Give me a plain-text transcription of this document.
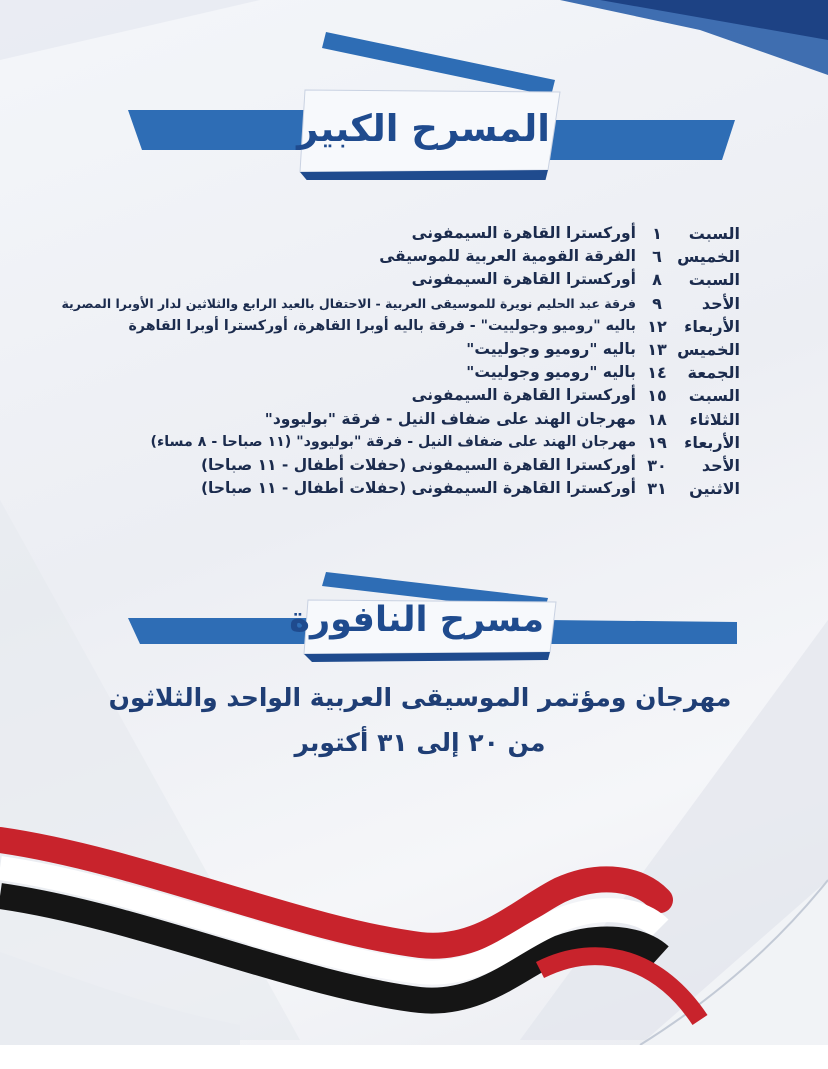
المسرح الكبير
السبت
١
أوركسترا القاهرة السيمفونى
الخميس
٦
الفرقة القومية العربية للموسيقى
السبت
٨
أوركسترا القاهرة السيمفونى
الأحد
٩
فرقة عبد الحليم نويرة للموسيقى العربية - الاحتفال بالعيد الرابع والثلاثين لدار الأوبرا المصرية
الأربعاء
١٢
باليه "روميو وجولييت" - فرقة باليه أوبرا القاهرة، أوركسترا أوبرا القاهرة
الخميس
١٣
باليه "روميو وجولييت"
الجمعة
١٤
باليه "روميو وجولييت"
السبت
١٥
أوركسترا القاهرة السيمفونى
الثلاثاء
١٨
مهرجان الهند على ضفاف النيل - فرقة "بوليوود"
الأربعاء
١٩
مهرجان الهند على ضفاف النيل - فرقة "بوليوود" (١١ صباحا - ٨ مساء)
الأحد
٣٠
أوركسترا القاهرة السيمفونى (حفلات أطفال - ١١ صباحا)
الاثنين
٣١
أوركسترا القاهرة السيمفونى (حفلات أطفال - ١١ صباحا)
مسرح النافورة
مهرجان ومؤتمر الموسيقى العربية الواحد والثلاثون
من ٢٠ إلى ٣١ أكتوبر
